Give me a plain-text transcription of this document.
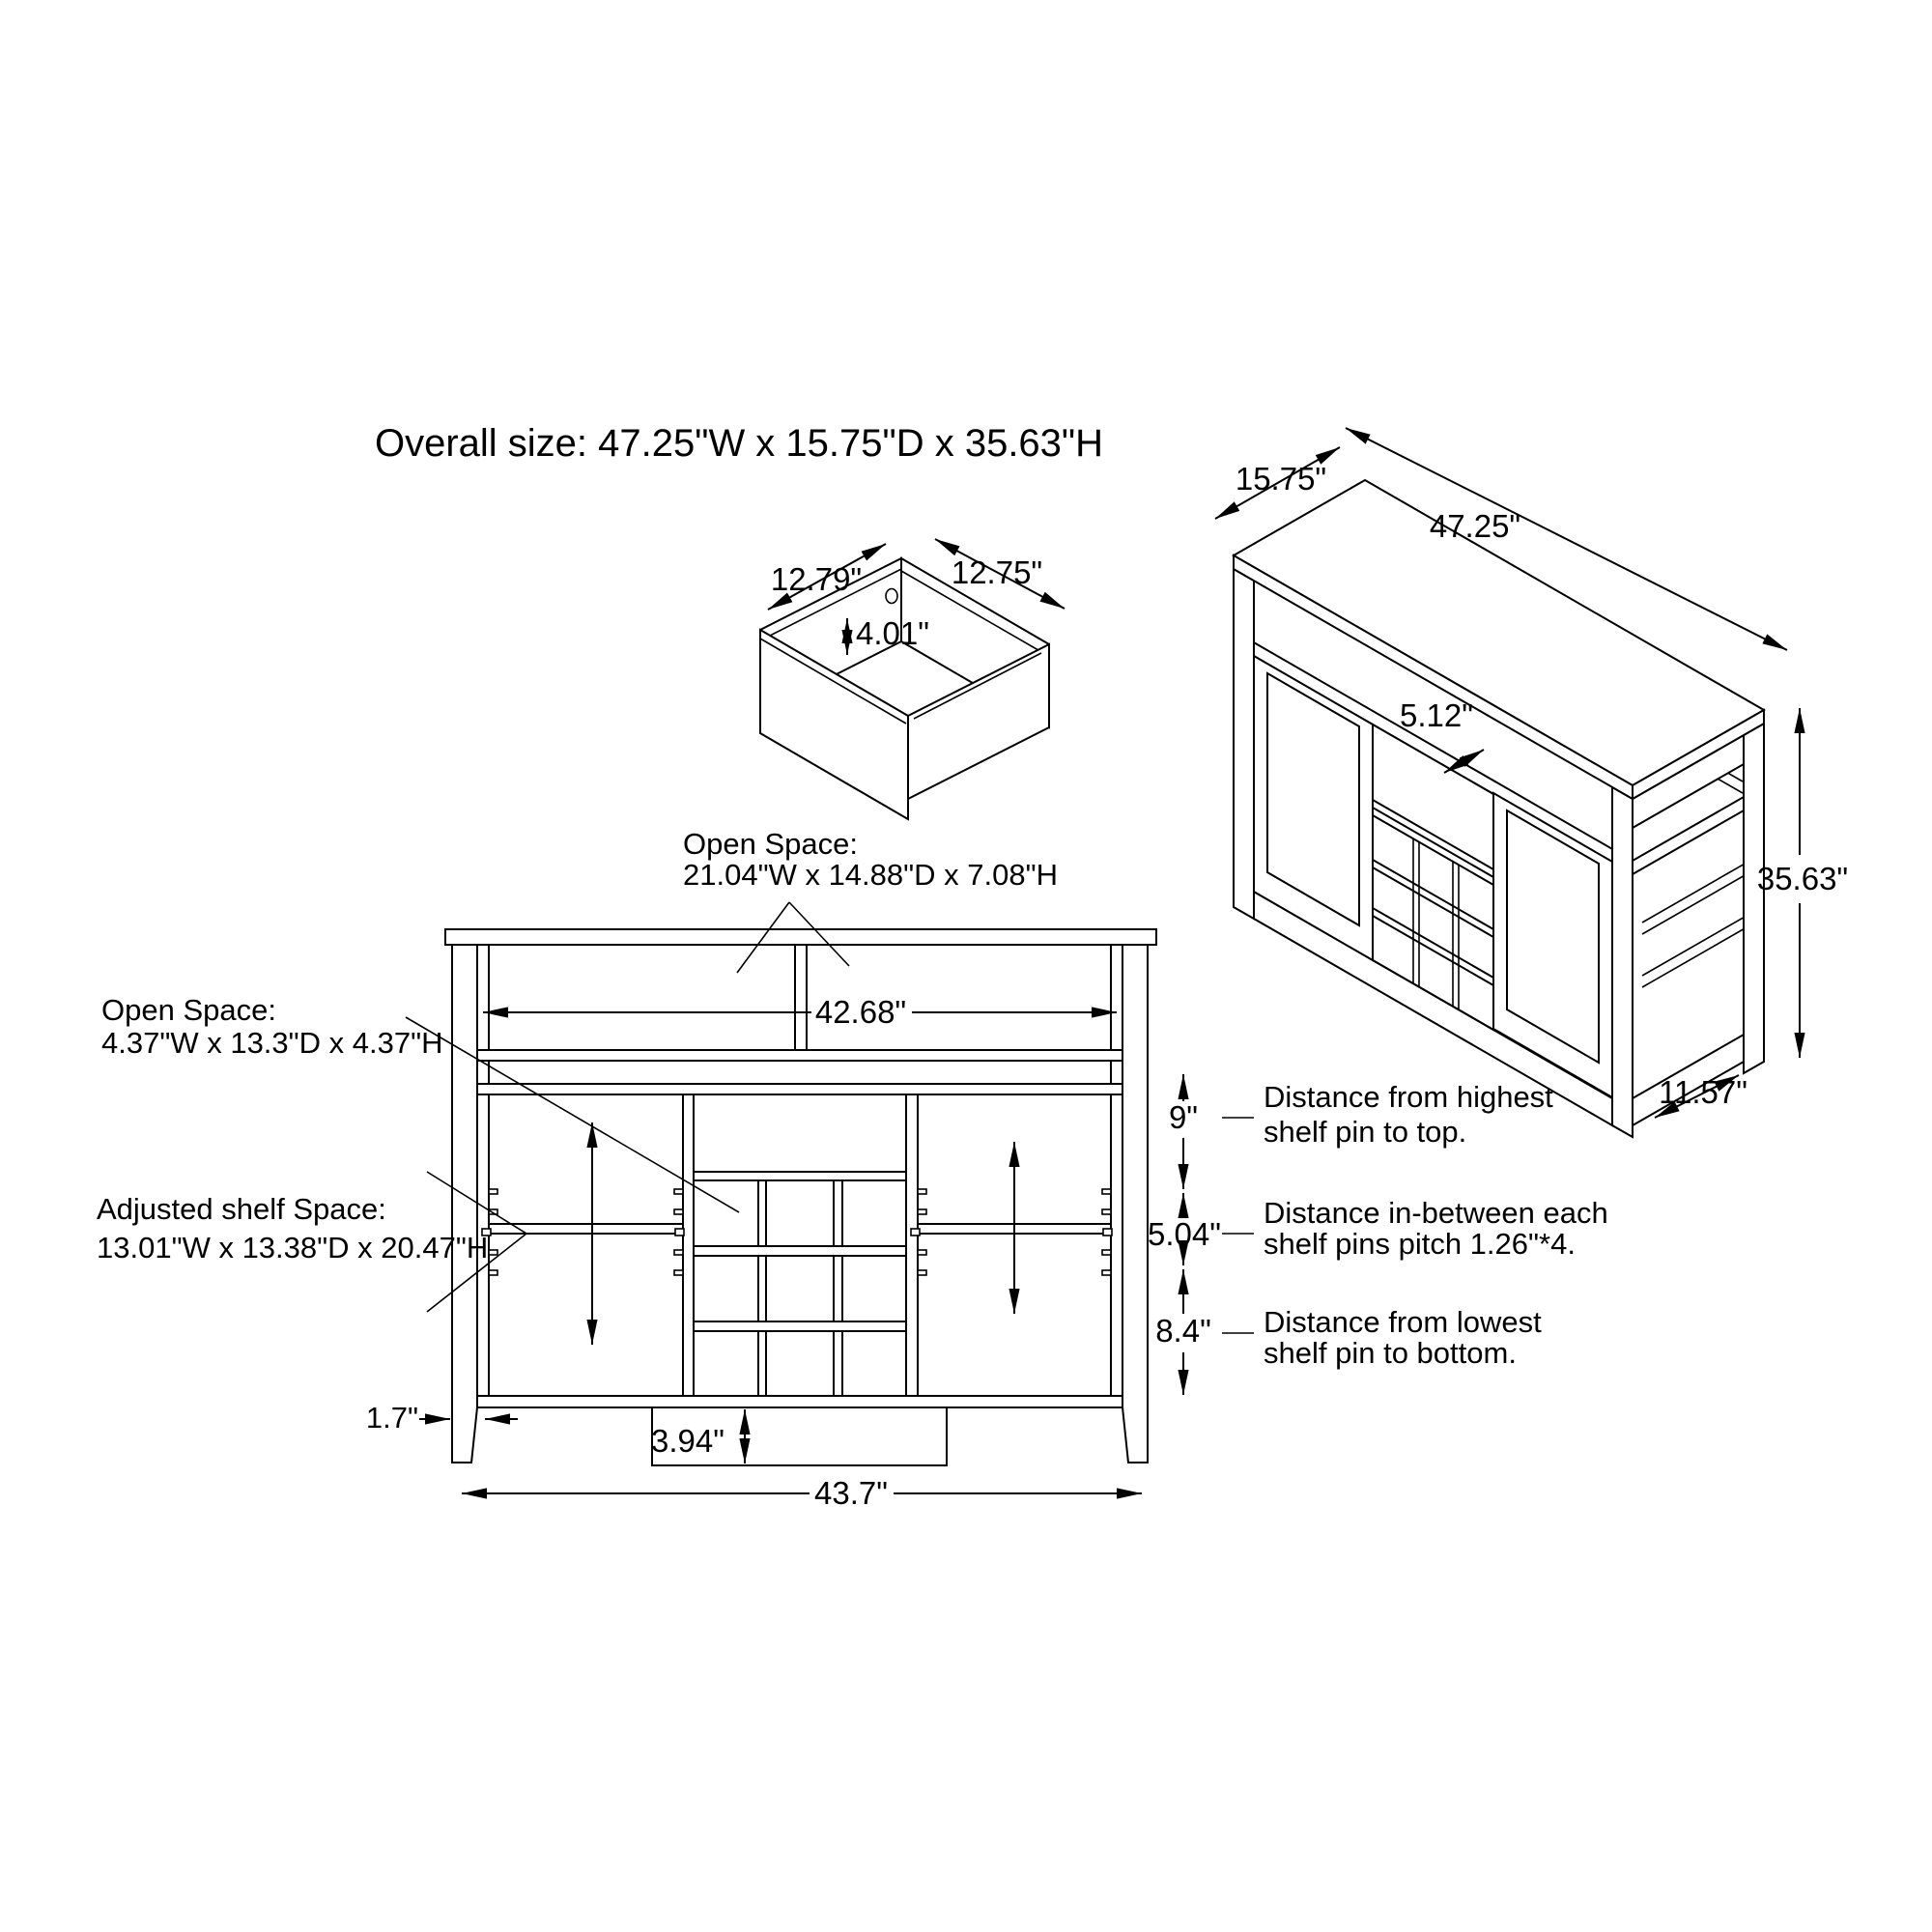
Overall size: 47.25"W x 15.75"D x 35.63"H
12.79"	12.75"
4.01"
15.75"
47.25"
35.63"
5.12"
11.57"
42.68"
1.7"
3.94"
43.7"
Open Space:
21.04"W x 14.88"D x 7.08"H
Open Space:
4.37"W x 13.3"D x 4.37"H
Adjusted shelf Space:
13.01"W x 13.38"D x 20.47"H
9"
5.04"
8.4"
Distance from highest
shelf pin to top.
Distance in-between each
shelf pins pitch 1.26"*4.
Distance from lowest
shelf pin to bottom.
